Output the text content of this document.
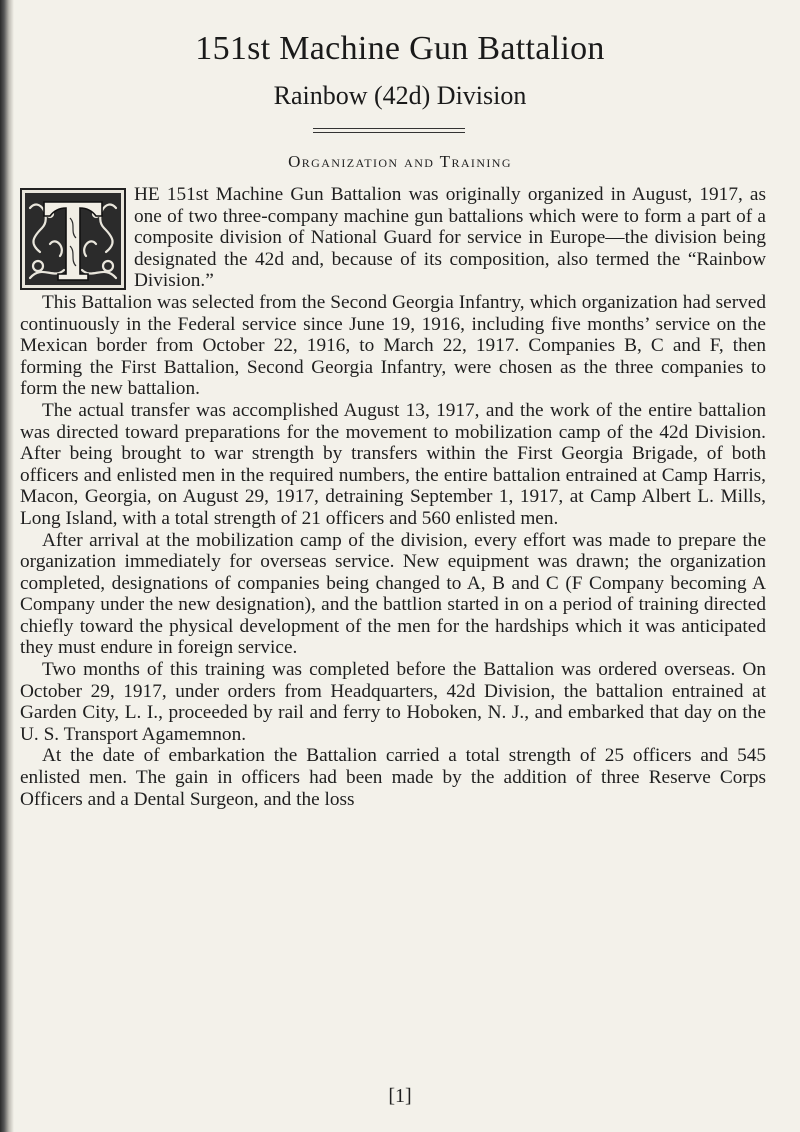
151st Machine Gun Battalion
Rainbow (42d) Division
Organization and Training

HE 151st Machine Gun Battalion was originally organized in August, 1917, as one of two three-company machine gun battalions which were to form a part of a composite division of National Guard for service in Europe—the division being designated the 42d and, because of its composition, also termed the “Rainbow Division.”

This Battalion was selected from the Second Georgia Infantry, which organization had served continuously in the Federal service since June 19, 1916, including five months’ service on the Mexican border from October 22, 1916, to March 22, 1917. Companies B, C and F, then forming the First Battalion, Second Georgia Infantry, were chosen as the three companies to form the new battalion.

The actual transfer was accomplished August 13, 1917, and the work of the entire battalion was directed toward preparations for the movement to mobilization camp of the 42d Division. After being brought to war strength by transfers within the First Georgia Brigade, of both officers and enlisted men in the required numbers, the entire battalion entrained at Camp Harris, Macon, Georgia, on August 29, 1917, detraining September 1, 1917, at Camp Albert L. Mills, Long Island, with a total strength of 21 officers and 560 enlisted men.

After arrival at the mobilization camp of the division, every effort was made to prepare the organization immediately for overseas service. New equipment was drawn; the organization completed, designations of companies being changed to A, B and C (F Company becoming A Company under the new designation), and the battlion started in on a period of training directed chiefly toward the physical development of the men for the hardships which it was anticipated they must endure in foreign service.

Two months of this training was completed before the Battalion was ordered overseas. On October 29, 1917, under orders from Headquarters, 42d Division, the battalion entrained at Garden City, L. I., proceeded by rail and ferry to Hoboken, N. J., and embarked that day on the U. S. Transport Agamemnon.

At the date of embarkation the Battalion carried a total strength of 25 officers and 545 enlisted men. The gain in officers had been made by the addition of three Reserve Corps Officers and a Dental Surgeon, and the loss

[1]
